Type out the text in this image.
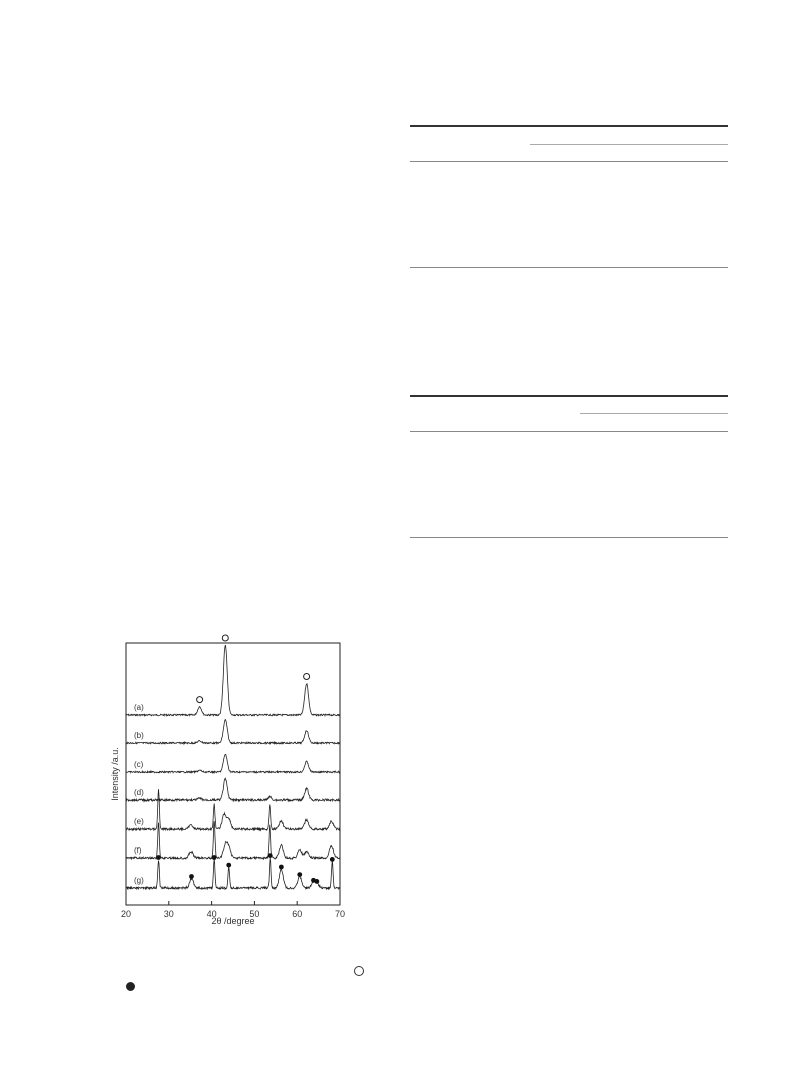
(a)
(b)
(c)
(d)
(e)
(f)
(g)
20	30	40	50	60	70
Intensity /a.u.
2θ /degree
